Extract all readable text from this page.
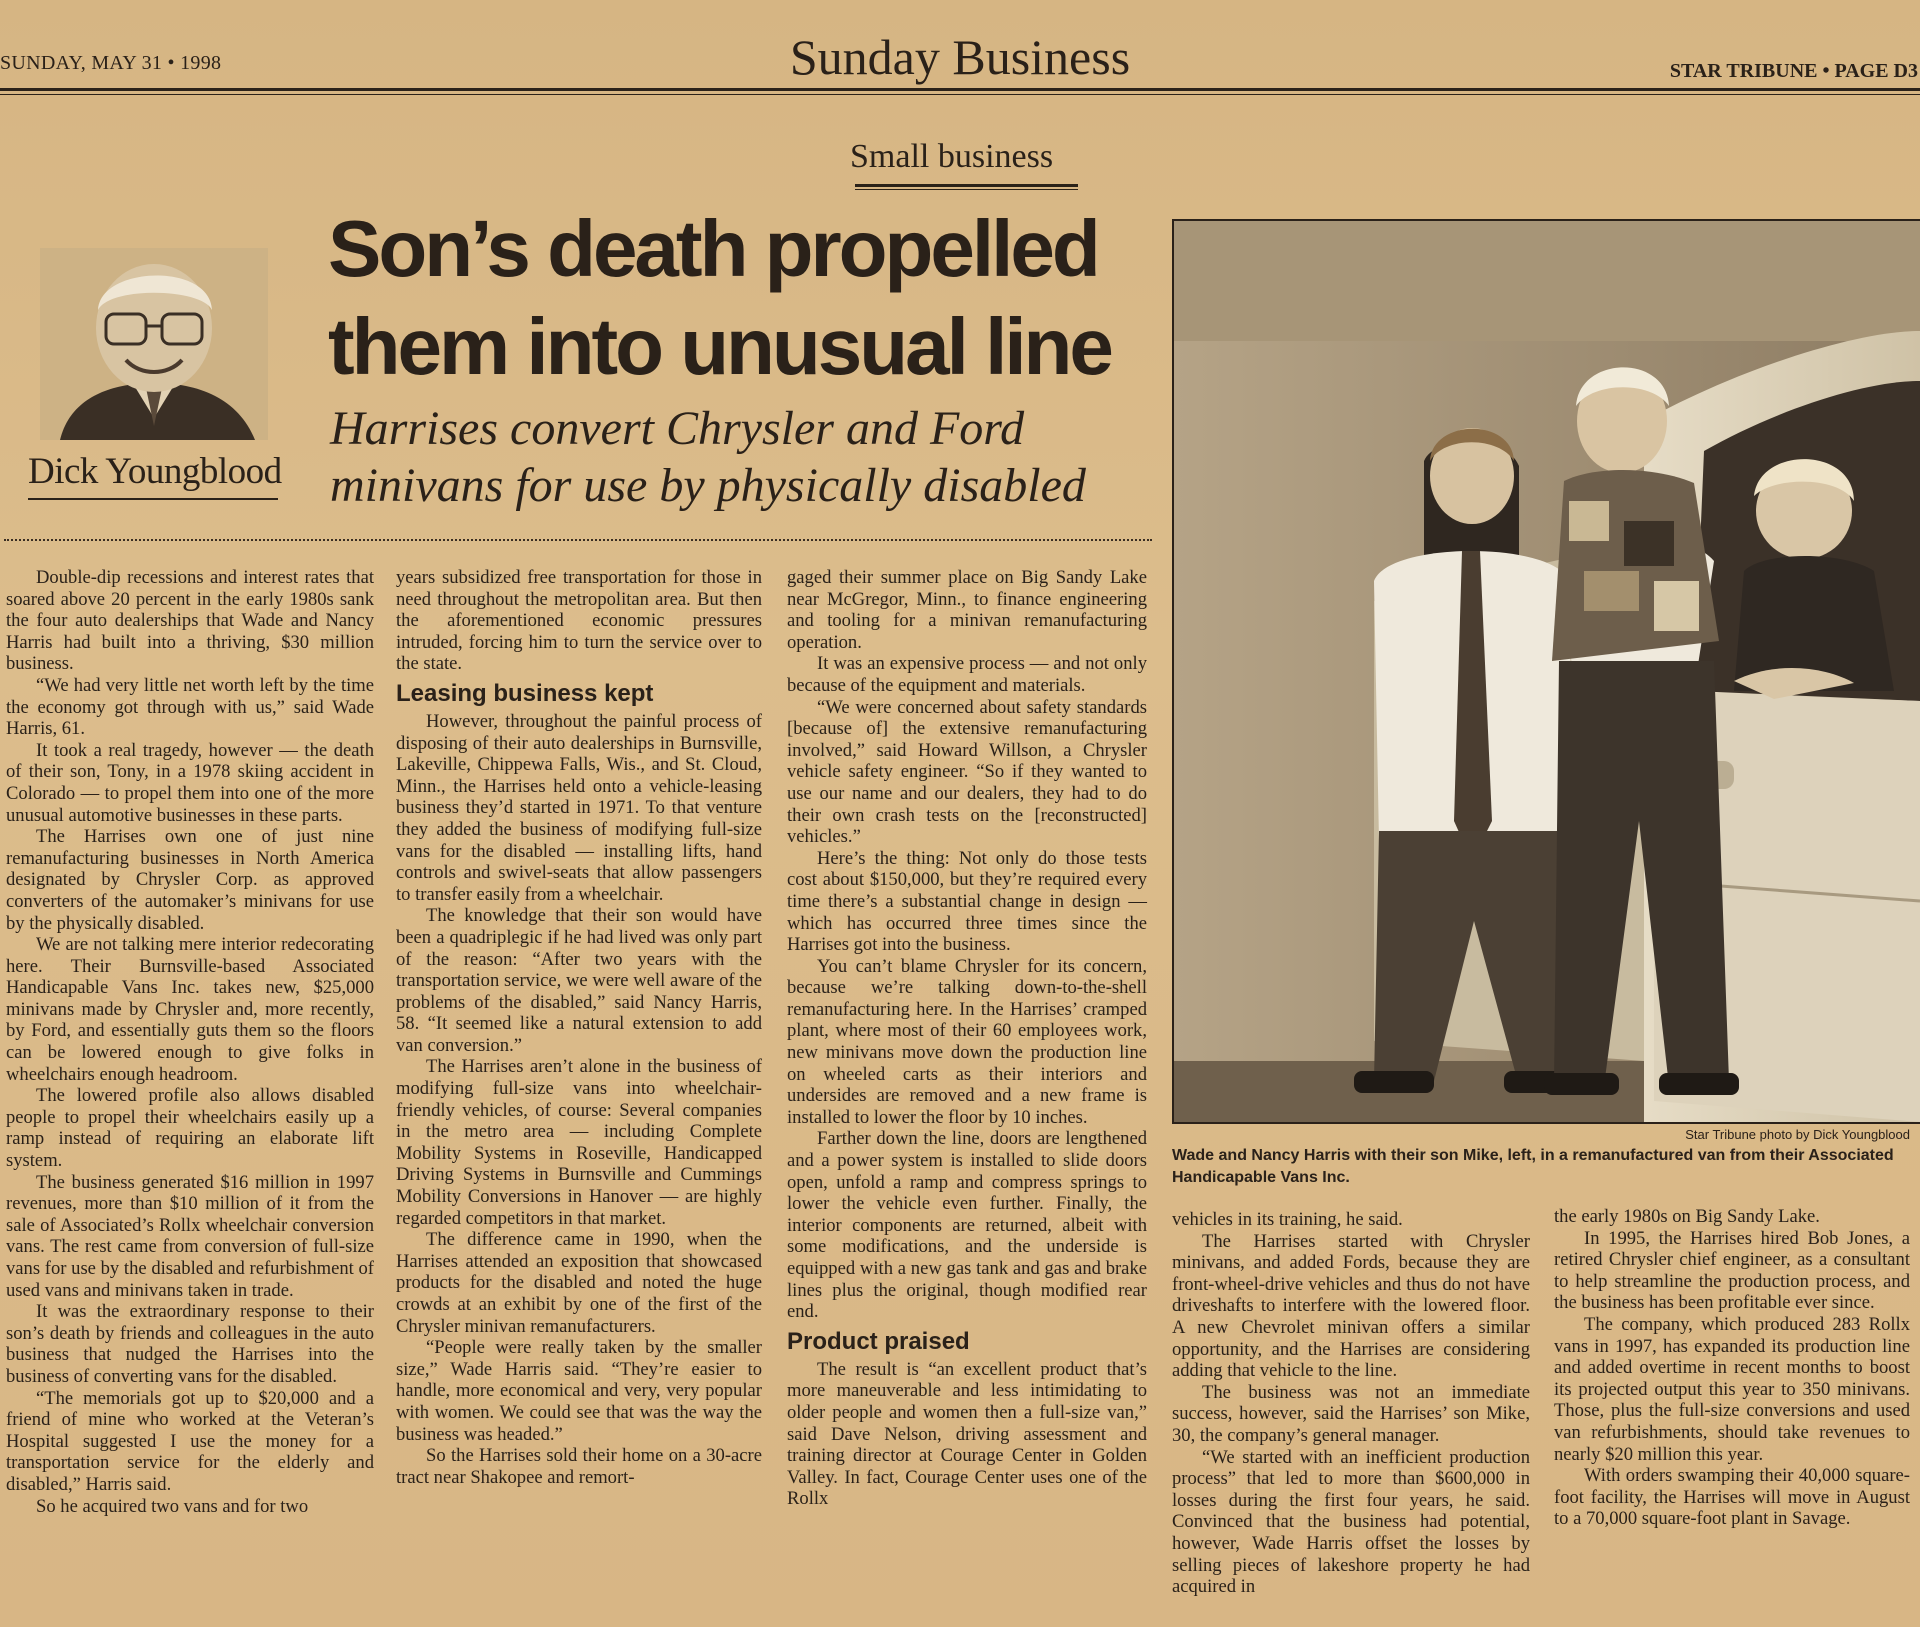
SUNDAY, MAY 31 • 1998	Sunday Business	STAR TRIBUNE • PAGE D3
Small business
Dick Youngblood
Son’s death propelled
them into unusual line
Harrises convert Chrysler and Ford
minivans for use by physically disabled

Double-dip recessions and interest rates that soared above 20 percent in the early 1980s sank the four auto dealerships that Wade and Nancy Harris had built into a thriving, $30 million business.

“We had very little net worth left by the time the economy got through with us,” said Wade Harris, 61.

It took a real tragedy, however — the death of their son, Tony, in a 1978 skiing accident in Colorado — to propel them into one of the more unusual automotive businesses in these parts.

The Harrises own one of just nine remanufacturing businesses in North America designated by Chrysler Corp. as approved converters of the automaker’s minivans for use by the physically disabled.

We are not talking mere interior redecorating here. Their Burnsville-based Associated Handicapable Vans Inc. takes new, $25,000 minivans made by Chrysler and, more recently, by Ford, and essentially guts them so the floors can be lowered enough to give folks in wheelchairs enough headroom.

The lowered profile also allows disabled people to propel their wheelchairs easily up a ramp instead of requiring an elaborate lift system.

The business generated $16 million in 1997 revenues, more than $10 million of it from the sale of Associated’s Rollx wheelchair conversion vans. The rest came from conversion of full-size vans for use by the disabled and refurbishment of used vans and minivans taken in trade.

It was the extraordinary response to their son’s death by friends and colleagues in the auto business that nudged the Harrises into the business of converting vans for the disabled.

“The memorials got up to $20,000 and a friend of mine who worked at the Veteran’s Hospital suggested I use the money for a transportation service for the elderly and disabled,” Harris said.

So he acquired two vans and for two

years subsidized free transportation for those in need throughout the metropolitan area. But then the aforementioned economic pressures intruded, forcing him to turn the service over to the state.

Leasing business kept

However, throughout the painful process of disposing of their auto dealerships in Burnsville, Lakeville, Chippewa Falls, Wis., and St. Cloud, Minn., the Harrises held onto a vehicle-leasing business they’d started in 1971. To that venture they added the business of modifying full-size vans for the disabled — installing lifts, hand controls and swivel-seats that allow passengers to transfer easily from a wheelchair.

The knowledge that their son would have been a quadriplegic if he had lived was only part of the reason: “After two years with the transportation service, we were well aware of the problems of the disabled,” said Nancy Harris, 58. “It seemed like a natural extension to add van conversion.”

The Harrises aren’t alone in the business of modifying full-size vans into wheelchair-friendly vehicles, of course: Several companies in the metro area — including Complete Mobility Systems in Roseville, Handicapped Driving Systems in Burnsville and Cummings Mobility Conversions in Hanover — are highly regarded competitors in that market.

The difference came in 1990, when the Harrises attended an exposition that showcased products for the disabled and noted the huge crowds at an exhibit by one of the first of the Chrysler minivan remanufacturers.

“People were really taken by the smaller size,” Wade Harris said. “They’re easier to handle, more economical and very, very popular with women. We could see that was the way the business was headed.”

So the Harrises sold their home on a 30-acre tract near Shakopee and remort-

gaged their summer place on Big Sandy Lake near McGregor, Minn., to finance engineering and tooling for a minivan remanufacturing operation.

It was an expensive process — and not only because of the equipment and materials.

“We were concerned about safety standards [because of] the extensive remanufacturing involved,” said Howard Willson, a Chrysler vehicle safety engineer. “So if they wanted to use our name and our dealers, they had to do their own crash tests on the [reconstructed] vehicles.”

Here’s the thing: Not only do those tests cost about $150,000, but they’re required every time there’s a substantial change in design — which has occurred three times since the Harrises got into the business.

You can’t blame Chrysler for its concern, because we’re talking down-to-the-shell remanufacturing here. In the Harrises’ cramped plant, where most of their 60 employees work, new minivans move down the production line on wheeled carts as their interiors and undersides are removed and a new frame is installed to lower the floor by 10 inches.

Farther down the line, doors are lengthened and a power system is installed to slide doors open, unfold a ramp and compress springs to lower the vehicle even further. Finally, the interior components are returned, albeit with some modifications, and the underside is equipped with a new gas tank and gas and brake lines plus the original, though modified rear end.

Product praised

The result is “an excellent product that’s more maneuverable and less intimidating to older people and women then a full-size van,” said Dave Nelson, driving assessment and training director at Courage Center in Golden Valley. In fact, Courage Center uses one of the Rollx

Star Tribune photo by Dick Youngblood
Wade and Nancy Harris with their son Mike, left, in a remanufactured van from their Associated Handicapable Vans Inc.

vehicles in its training, he said.

The Harrises started with Chrysler minivans, and added Fords, because they are front-wheel-drive vehicles and thus do not have driveshafts to interfere with the lowered floor. A new Chevrolet minivan offers a similar opportunity, and the Harrises are considering adding that vehicle to the line.

The business was not an immediate success, however, said the Harrises’ son Mike, 30, the company’s general manager.

“We started with an inefficient production process” that led to more than $600,000 in losses during the first four years, he said. Convinced that the business had potential, however, Wade Harris offset the losses by selling pieces of lakeshore property he had acquired in

the early 1980s on Big Sandy Lake.

In 1995, the Harrises hired Bob Jones, a retired Chrysler chief engineer, as a consultant to help streamline the production process, and the business has been profitable ever since.

The company, which produced 283 Rollx vans in 1997, has expanded its production line and added overtime in recent months to boost its projected output this year to 350 minivans. Those, plus the full-size conversions and used van refurbishments, should take revenues to nearly $20 million this year.

With orders swamping their 40,000 square-foot facility, the Harrises will move in August to a 70,000 square-foot plant in Savage.
